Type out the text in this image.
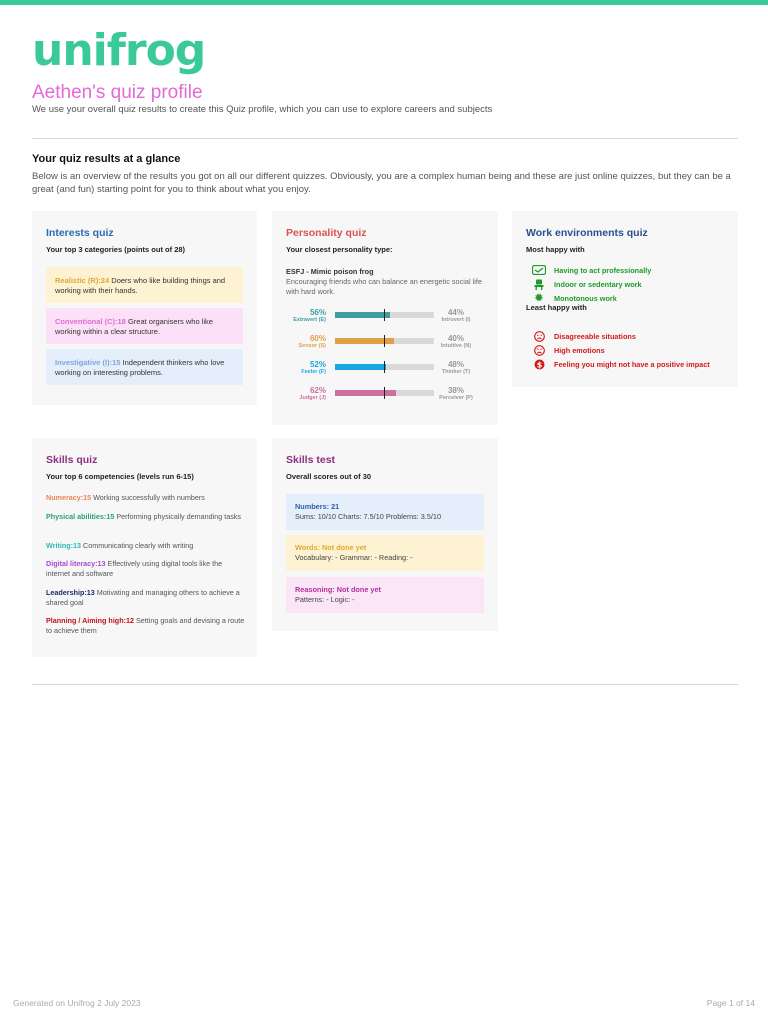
unifrog
Aethen's quiz profile
We use your overall quiz results to create this Quiz profile, which you can use to explore careers and subjects
Your quiz results at a glance
Below is an overview of the results you got on all our different quizzes. Obviously, you are a complex human being and these are just online quizzes, but they can be a great (and fun) starting point for you to think about what you enjoy.
Interests quiz
Your top 3 categories (points out of 28)
Realistic (R):24 Doers who like building things and working with their hands.
Conventional (C):18 Great organisers who like working within a clear structure.
Investigative (I):15 Independent thinkers who love working on interesting problems.
Personality quiz
Your closest personality type:
ESFJ - Mimic poison frog
Encouraging friends who can balance an energetic social life with hard work.
56%
Extravert (E)
44%
Introvert (I)
60%
Sensor (S)
40%
Intuitive (N)
52%
Feeler (F)
48%
Thinker (T)
62%
Judger (J)
38%
Perceiver (P)
Work environments quiz
Most happy with
Having to act professionally
Indoor or sedentary work
✹	Monotonous work
Least happy with
Disagreeable situations
High emotions
$ Feeling you might not have a positive impact
Skills quiz
Your top 6 competencies (levels run 6-15)
Numeracy:15 Working successfully with numbers
Physical abilities:15 Performing physically demanding tasks
Writing:13 Communicating clearly with writing
Digital literacy:13 Effectively using digital tools like the internet and software
Leadership:13 Motivating and managing others to achieve a shared goal
Planning / Aiming high:12 Setting goals and devising a route to achieve them
Skills test
Overall scores out of 30
Numbers: 21
Sums: 10/10 Charts: 7.5/10 Problems: 3.5/10
Words: Not done yet
Vocabulary: - Grammar: - Reading: -
Reasoning: Not done yet
Patterns: - Logic: -
Generated on Unifrog 2 July 2023	Page 1 of 14
